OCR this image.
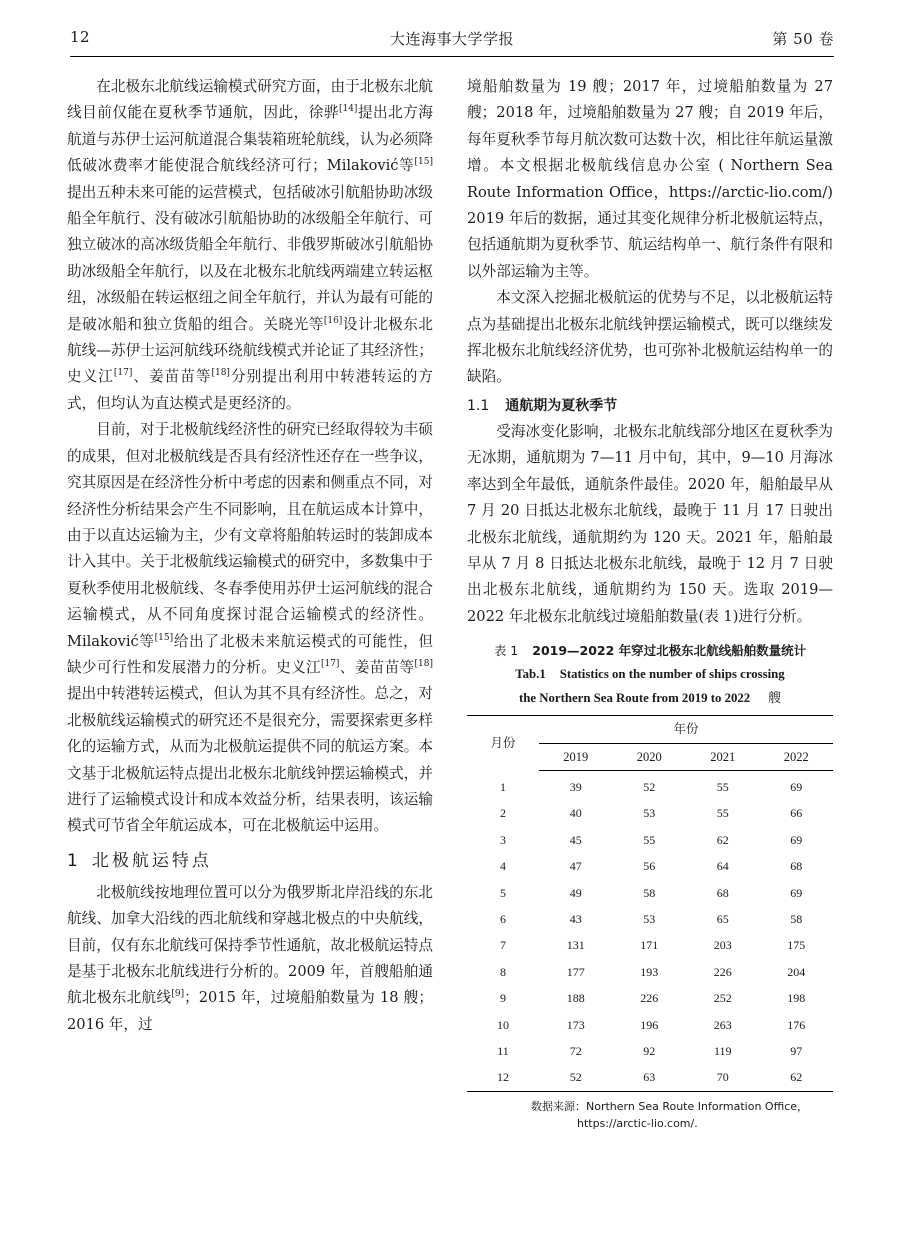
12	大连海事大学学报	第 50 卷

在北极东北航线运输模式研究方面，由于北极东北航线目前仅能在夏秋季节通航，因此，徐骅[14]提出北方海航道与苏伊士运河航道混合集装箱班轮航线，认为必须降低破冰费率才能使混合航线经济可行；Milaković等[15]提出五种未来可能的运营模式，包括破冰引航船协助冰级船全年航行、没有破冰引航船协助的冰级船全年航行、可独立破冰的高冰级货船全年航行、非俄罗斯破冰引航船协助冰级船全年航行，以及在北极东北航线两端建立转运枢纽，冰级船在转运枢纽之间全年航行，并认为最有可能的是破冰船和独立货船的组合。关晓光等[16]设计北极东北航线—苏伊士运河航线环绕航线模式并论证了其经济性；史义江[17]、姜苗苗等[18]分别提出利用中转港转运的方式，但均认为直达模式是更经济的。

目前，对于北极航线经济性的研究已经取得较为丰硕的成果，但对北极航线是否具有经济性还存在一些争议，究其原因是在经济性分析中考虑的因素和侧重点不同，对经济性分析结果会产生不同影响，且在航运成本计算中，由于以直达运输为主，少有文章将船舶转运时的装卸成本计入其中。关于北极航线运输模式的研究中，多数集中于夏秋季使用北极航线、冬春季使用苏伊士运河航线的混合运输模式，从不同角度探讨混合运输模式的经济性。Milaković等[15]给出了北极未来航运模式的可能性，但缺少可行性和发展潜力的分析。史义江[17]、姜苗苗等[18]提出中转港转运模式，但认为其不具有经济性。总之，对北极航线运输模式的研究还不是很充分，需要探索更多样化的运输方式，从而为北极航运提供不同的航运方案。本文基于北极航运特点提出北极东北航线钟摆运输模式，并进行了运输模式设计和成本效益分析，结果表明，该运输模式可节省全年航运成本，可在北极航运中运用。

1 北极航运特点

北极航线按地理位置可以分为俄罗斯北岸沿线的东北航线、加拿大沿线的西北航线和穿越北极点的中央航线，目前，仅有东北航线可保持季节性通航，故北极航运特点是基于北极东北航线进行分析的。2009 年，首艘船舶通航北极东北航线[9]；2015 年，过境船舶数量为 18 艘；2016 年，过

境船舶数量为 19 艘；2017 年，过境船舶数量为 27 艘；2018 年，过境船舶数量为 27 艘；自 2019 年后，每年夏秋季节每月航次数可达数十次，相比往年航运量激增。本文根据北极航线信息办公室 ( Northern Sea Route Information Office，https://arctic-lio.com/) 2019 年后的数据，通过其变化规律分析北极航运特点，包括通航期为夏秋季节、航运结构单一、航行条件有限和以外部运输为主等。

本文深入挖掘北极航运的优势与不足，以北极航运特点为基础提出北极东北航线钟摆运输模式，既可以继续发挥北极东北航线经济优势，也可弥补北极航运结构单一的缺陷。

1.1 通航期为夏秋季节

受海冰变化影响，北极东北航线部分地区在夏秋季为无冰期，通航期为 7—11 月中旬，其中，9—10 月海冰率达到全年最低，通航条件最佳。2020 年，船舶最早从 7 月 20 日抵达北极东北航线，最晚于 11 月 17 日驶出北极东北航线，通航期约为 120 天。2021 年，船舶最早从 7 月 8 日抵达北极东北航线，最晚于 12 月 7 日驶出北极东北航线，通航期约为 150 天。选取 2019—2022 年北极东北航线过境船舶数量(表 1)进行分析。

表 1 2019—2022 年穿过北极东北航线船舶数量统计
Tab.1 Statistics on the number of ships crossing
the Northern Sea Route from 2019 to 2022 艘
月份	年份			
	2019	2020	2021	2022
1	39	52	55	69
2	40	53	55	66
3	45	55	62	69
4	47	56	64	68
5	49	58	68	69
6	43	53	65	58
7	131	171	203	175
8	177	193	226	204
9	188	226	252	198
10	173	196	263	176
11	72	92	119	97
12	52	63	70	62
数据来源：Northern Sea Route Information Office，
https://arctic-lio.com/.
